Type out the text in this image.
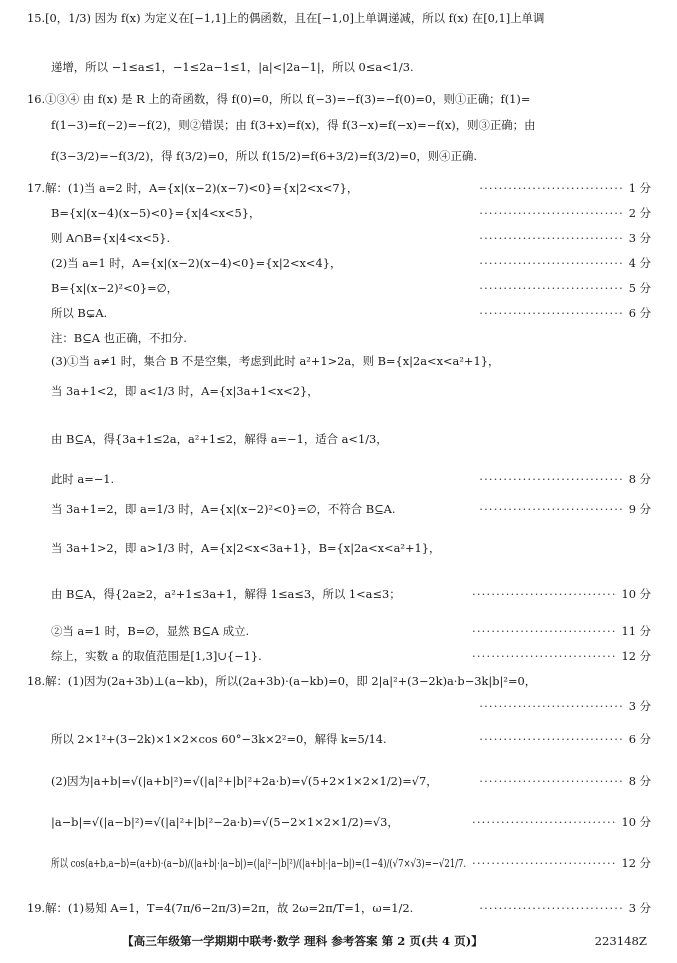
15.[0，1/3) 因为 f(x) 为定义在[−1,1]上的偶函数，且在[−1,0]上单调递减，所以 f(x) 在[0,1]上单调
递增，所以 −1≤a≤1，−1≤2a−1≤1，|a|<|2a−1|，所以 0≤a<1/3.
16.①③④ 由 f(x) 是 R 上的奇函数，得 f(0)=0，所以 f(−3)=−f(3)=−f(0)=0，则①正确；f(1)=
f(1−3)=f(−2)=−f(2)，则②错误；由 f(3+x)=f(x)，得 f(3−x)=f(−x)=−f(x)，则③正确；由
f(3−3/2)=−f(3/2)，得 f(3/2)=0，所以 f(15/2)=f(6+3/2)=f(3/2)=0，则④正确.
17.解：(1)当 a=2 时，A={x|(x−2)(x−7)<0}={x|2<x<7}，	······························ 1 分
B={x|(x−4)(x−5)<0}={x|4<x<5}，	······························ 2 分
则 A∩B={x|4<x<5}.	······························ 3 分
(2)当 a=1 时，A={x|(x−2)(x−4)<0}={x|2<x<4}，	······························ 4 分
B={x|(x−2)²<0}=∅，	······························ 5 分
所以 B⊊A.	······························ 6 分
注：B⊆A 也正确，不扣分.
(3)①当 a≠1 时，集合 B 不是空集，考虑到此时 a²+1>2a，则 B={x|2a<x<a²+1}，
当 3a+1<2，即 a<1/3 时，A={x|3a+1<x<2}，
由 B⊆A，得{3a+1≤2a，a²+1≤2，解得 a=−1，适合 a<1/3，
此时 a=−1.	······························ 8 分
当 3a+1=2，即 a=1/3 时，A={x|(x−2)²<0}=∅，不符合 B⊆A.	······························ 9 分
当 3a+1>2，即 a>1/3 时，A={x|2<x<3a+1}，B={x|2a<x<a²+1}，
由 B⊆A，得{2a≥2，a²+1≤3a+1，解得 1≤a≤3，所以 1<a≤3；	······························ 10 分
②当 a=1 时，B=∅，显然 B⊆A 成立.	······························ 11 分
综上，实数 a 的取值范围是[1,3]∪{−1}.	······························ 12 分
18.解：(1)因为(2a+3b)⊥(a−kb)，所以(2a+3b)·(a−kb)=0，即 2|a|²+(3−2k)a·b−3k|b|²=0，
······························ 3 分
所以 2×1²+(3−2k)×1×2×cos 60°−3k×2²=0，解得 k=5/14.	······························ 6 分
(2)因为|a+b|=√(|a+b|²)=√(|a|²+|b|²+2a·b)=√(5+2×1×2×1/2)=√7，	······························ 8 分
|a−b|=√(|a−b|²)=√(|a|²+|b|²−2a·b)=√(5−2×1×2×1/2)=√3，	······························ 10 分
所以 cos⟨a+b,a−b⟩=(a+b)·(a−b)/(|a+b|·|a−b|)=(|a|²−|b|²)/(|a+b|·|a−b|)=(1−4)/(√7×√3)=−√21/7. ······························ 12 分
19.解：(1)易知 A=1，T=4(7π/6−2π/3)=2π，故 2ω=2π/T=1，ω=1/2.	······························ 3 分
【高三年级第一学期期中联考·数学 理科 参考答案 第 2 页(共 4 页)】	223148Z
